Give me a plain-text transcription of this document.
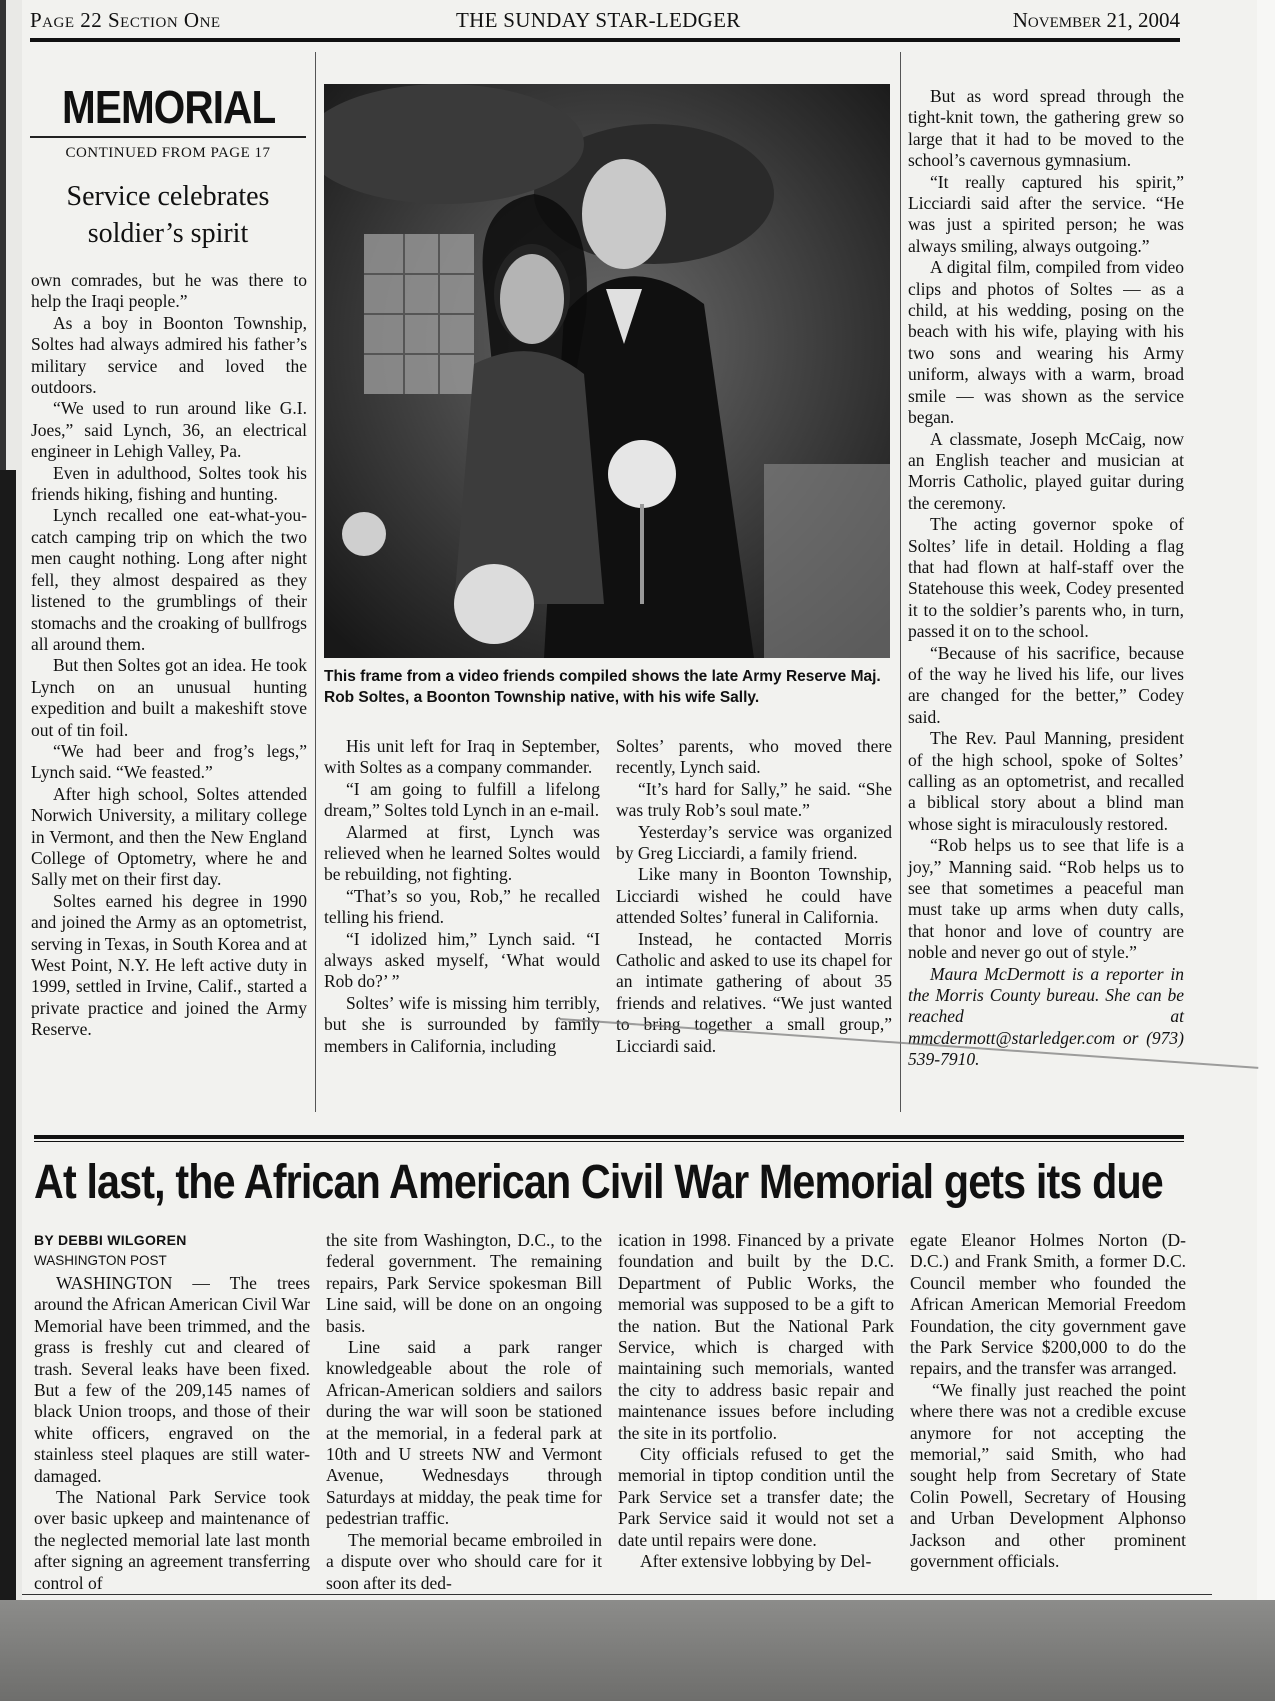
Page 22 Section One	THE SUNDAY STAR-LEDGER	November 21, 2004
MEMORIAL
CONTINUED FROM PAGE 17
Service celebrates soldier’s spirit

own comrades, but he was there to help the Iraqi people.”

As a boy in Boonton Township, Soltes had always admired his father’s military service and loved the outdoors.

“We used to run around like G.I. Joes,” said Lynch, 36, an electrical engineer in Lehigh Valley, Pa.

Even in adulthood, Soltes took his friends hiking, fishing and hunting.

Lynch recalled one eat-what-you-catch camping trip on which the two men caught nothing. Long after night fell, they almost despaired as they listened to the grumblings of their stomachs and the croaking of bullfrogs all around them.

But then Soltes got an idea. He took Lynch on an unusual hunting expedition and built a makeshift stove out of tin foil.

“We had beer and frog’s legs,” Lynch said. “We feasted.”

After high school, Soltes attended Norwich University, a military college in Vermont, and then the New England College of Optometry, where he and Sally met on their first day.

Soltes earned his degree in 1990 and joined the Army as an optometrist, serving in Texas, in South Korea and at West Point, N.Y. He left active duty in 1999, settled in Irvine, Calif., started a private practice and joined the Army Reserve.

This frame from a video friends compiled shows the late Army Reserve Maj. Rob Soltes, a Boonton Township native, with his wife Sally.

His unit left for Iraq in September, with Soltes as a company commander.

“I am going to fulfill a lifelong dream,” Soltes told Lynch in an e-mail.

Alarmed at first, Lynch was relieved when he learned Soltes would be rebuilding, not fighting.

“That’s so you, Rob,” he recalled telling his friend.

“I idolized him,” Lynch said. “I always asked myself, ‘What would Rob do?’ ”

Soltes’ wife is missing him terribly, but she is surrounded by family members in California, including

Soltes’ parents, who moved there recently, Lynch said.

“It’s hard for Sally,” he said. “She was truly Rob’s soul mate.”

Yesterday’s service was organized by Greg Licciardi, a family friend.

Like many in Boonton Township, Licciardi wished he could have attended Soltes’ funeral in California.

Instead, he contacted Morris Catholic and asked to use its chapel for an intimate gathering of about 35 friends and relatives. “We just wanted to bring together a small group,” Licciardi said.

But as word spread through the tight-knit town, the gathering grew so large that it had to be moved to the school’s cavernous gymnasium.

“It really captured his spirit,” Licciardi said after the service. “He was just a spirited person; he was always smiling, always outgoing.”

A digital film, compiled from video clips and photos of Soltes — as a child, at his wedding, posing on the beach with his wife, playing with his two sons and wearing his Army uniform, always with a warm, broad smile — was shown as the service began.

A classmate, Joseph McCaig, now an English teacher and musician at Morris Catholic, played guitar during the ceremony.

The acting governor spoke of Soltes’ life in detail. Holding a flag that had flown at half-staff over the Statehouse this week, Codey presented it to the soldier’s parents who, in turn, passed it on to the school.

“Because of his sacrifice, because of the way he lived his life, our lives are changed for the better,” Codey said.

The Rev. Paul Manning, president of the high school, spoke of Soltes’ calling as an optometrist, and recalled a biblical story about a blind man whose sight is miraculously restored.

“Rob helps us to see that life is a joy,” Manning said. “Rob helps us to see that sometimes a peaceful man must take up arms when duty calls, that honor and love of country are noble and never go out of style.”

Maura McDermott is a reporter in the Morris County bureau. She can be reached at mmcdermott@starledger.com or (973) 539-7910.

At last, the African American Civil War Memorial gets its due
BY DEBBI WILGOREN
WASHINGTON POST

WASHINGTON — The trees around the African American Civil War Memorial have been trimmed, and the grass is freshly cut and cleared of trash. Several leaks have been fixed. But a few of the 209,145 names of black Union troops, and those of their white officers, engraved on the stainless steel plaques are still water-damaged.

The National Park Service took over basic upkeep and maintenance of the neglected memorial late last month after signing an agreement transferring control of

the site from Washington, D.C., to the federal government. The remaining repairs, Park Service spokesman Bill Line said, will be done on an ongoing basis.

Line said a park ranger knowledgeable about the role of African-American soldiers and sailors during the war will soon be stationed at the memorial, in a federal park at 10th and U streets NW and Vermont Avenue, Wednesdays through Saturdays at midday, the peak time for pedestrian traffic.

The memorial became embroiled in a dispute over who should care for it soon after its ded-

ication in 1998. Financed by a private foundation and built by the D.C. Department of Public Works, the memorial was supposed to be a gift to the nation. But the National Park Service, which is charged with maintaining such memorials, wanted the city to address basic repair and maintenance issues before including the site in its portfolio.

City officials refused to get the memorial in tiptop condition until the Park Service set a transfer date; the Park Service said it would not set a date until repairs were done.

After extensive lobbying by Del-

egate Eleanor Holmes Norton (D-D.C.) and Frank Smith, a former D.C. Council member who founded the African American Memorial Freedom Foundation, the city government gave the Park Service $200,000 to do the repairs, and the transfer was arranged.

“We finally just reached the point where there was not a credible excuse anymore for not accepting the memorial,” said Smith, who had sought help from Secretary of State Colin Powell, Secretary of Housing and Urban Development Alphonso Jackson and other prominent government officials.
